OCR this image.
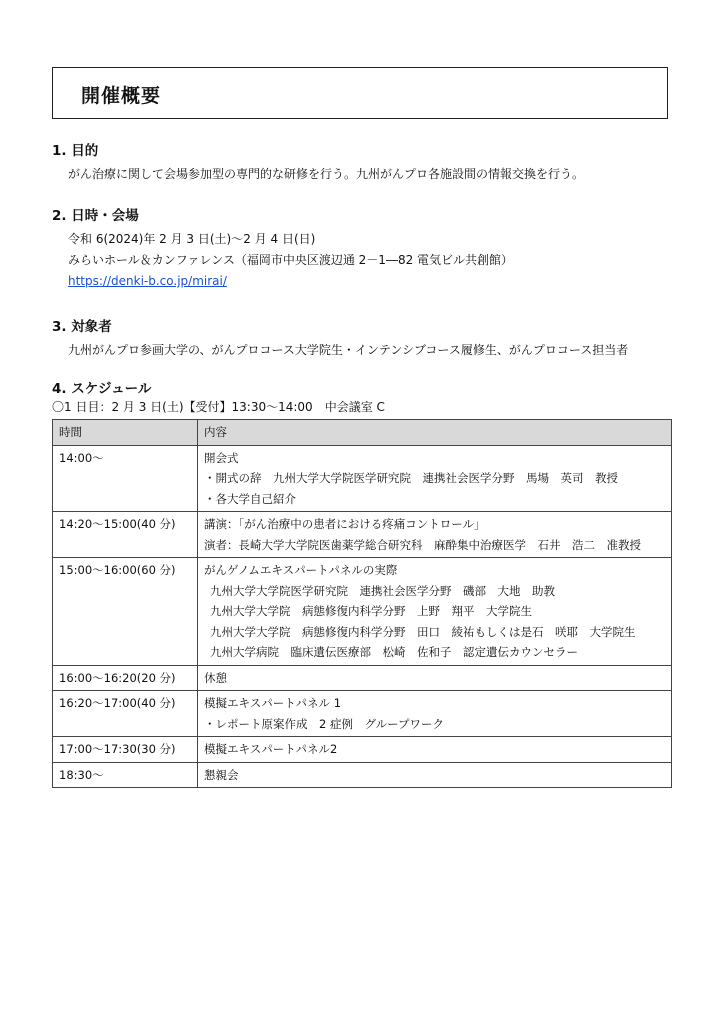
開催概要
1. 目的
がん治療に関して会場参加型の専門的な研修を行う。九州がんプロ各施設間の情報交換を行う。
2. 日時・会場
令和 6(2024)年 2 月 3 日(土)～2 月 4 日(日)
みらいホール＆カンファレンス（福岡市中央区渡辺通 2－1―82 電気ビル共創館）
https://denki-b.co.jp/mirai/
3. 対象者
九州がんプロ参画大学の、がんプロコース大学院生・インテンシブコース履修生、がんプロコース担当者
4. スケジュール
〇1 日目：2 月 3 日(土)【受付】13:30～14:00　中会議室 C
時間	内容
14:00～	開会式
・開式の辞　九州大学大学院医学研究院　連携社会医学分野　馬場　英司　教授
・各大学自己紹介

14:20～15:00(40 分)	講演：「がん治療中の患者における疼痛コントロール」
演者：長崎大学大学院医歯薬学総合研究科　麻酔集中治療医学　石井　浩二　准教授

15:00～16:00(60 分)	がんゲノムエキスパートパネルの実際
九州大学大学院医学研究院　連携社会医学分野　磯部　大地　助教
九州大学大学院　病態修復内科学分野　上野　翔平　大学院生
九州大学大学院　病態修復内科学分野　田口　綾祐もしくは是石　咲耶　大学院生
九州大学病院　臨床遺伝医療部　松崎　佐和子　認定遺伝カウンセラー

16:00～16:20(20 分)	休憩

16:20～17:00(40 分)	模擬エキスパートパネル 1
・レポート原案作成　2 症例　グループワーク

17:00～17:30(30 分)	模擬エキスパートパネル2

18:30～	懇親会
